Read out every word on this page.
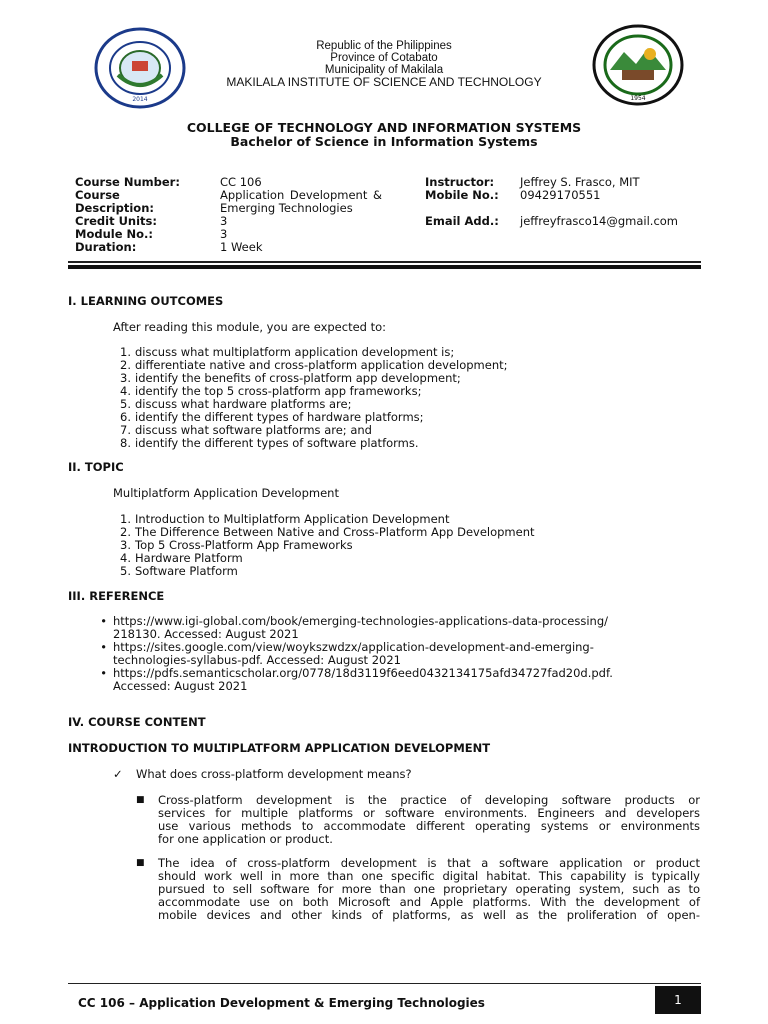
2014	1954
Republic of the Philippines
Province of Cotabato
Municipality of Makilala
MAKILALA INSTITUTE OF SCIENCE AND TECHNOLOGY
COLLEGE OF TECHNOLOGY AND INFORMATION SYSTEMS
Bachelor of Science in Information Systems
Course Number:
Course
Description:
Credit Units:
Module No.:
Duration:
CC 106
Application Development &
Emerging Technologies
3
3
1 Week
Instructor:
Mobile No.:
Email Add.:
Jeffrey S. Frasco, MIT
09429170551
jeffreyfrasco14@gmail.com
I. LEARNING OUTCOMES
After reading this module, you are expected to:
1. discuss what multiplatform application development is;
2. differentiate native and cross-platform application development;
3. identify the benefits of cross-platform app development;
4. identify the top 5 cross-platform app frameworks;
5. discuss what hardware platforms are;
6. identify the different types of hardware platforms;
7. discuss what software platforms are; and
8. identify the different types of software platforms.
II. TOPIC
Multiplatform Application Development
1. Introduction to Multiplatform Application Development
2. The Difference Between Native and Cross-Platform App Development
3. Top 5 Cross-Platform App Frameworks
4. Hardware Platform
5. Software Platform
III. REFERENCE
• https://www.igi-global.com/book/emerging-technologies-applications-data-processing/
218130. Accessed: August 2021
• https://sites.google.com/view/woykszwdzx/application-development-and-emerging-
technologies-syllabus-pdf. Accessed: August 2021
• https://pdfs.semanticscholar.org/0778/18d3119f6eed0432134175afd34727fad20d.pdf.
Accessed: August 2021
IV. COURSE CONTENT
INTRODUCTION TO MULTIPLATFORM APPLICATION DEVELOPMENT
✓ What does cross-platform development means?
■ Cross-platform development is the practice of developing software products or
services for multiple platforms or software environments. Engineers and developers
use various methods to accommodate different operating systems or environments
for one application or product.
■ The idea of cross-platform development is that a software application or product
should work well in more than one specific digital habitat. This capability is typically
pursued to sell software for more than one proprietary operating system, such as to
accommodate use on both Microsoft and Apple platforms. With the development of
mobile devices and other kinds of platforms, as well as the proliferation of open-
CC 106 – Application Development & Emerging Technologies	1
